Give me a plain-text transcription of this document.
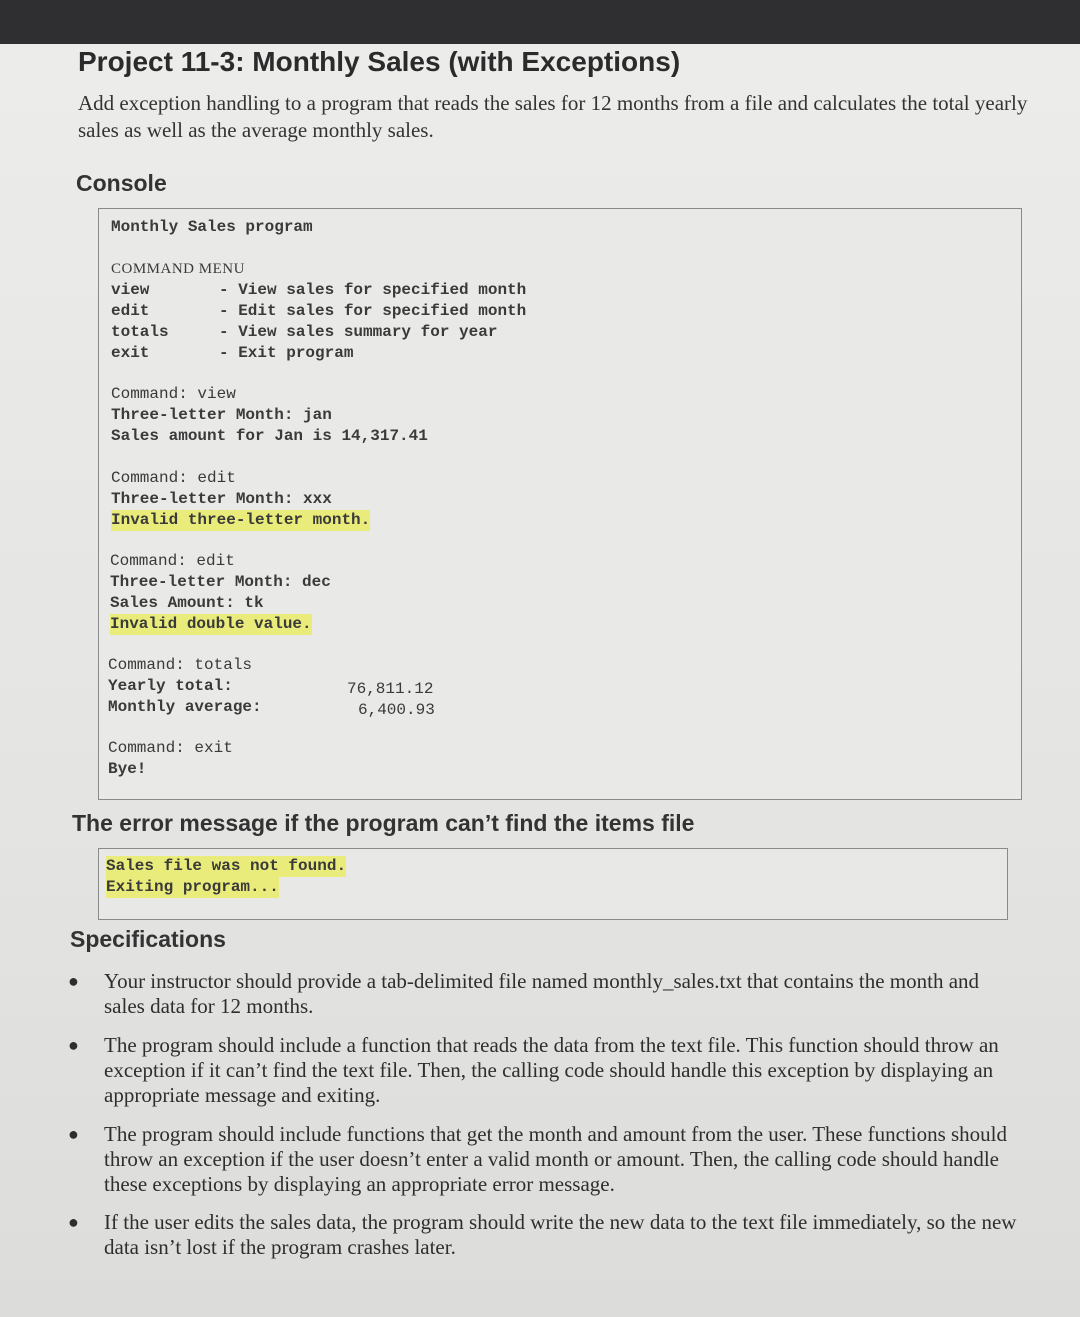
Project 11-3: Monthly Sales (with Exceptions)
Add exception handling to a program that reads the sales for 12 months from a file and calculates the total yearly sales as well as the average monthly sales.
Console
Monthly Sales program
COMMAND MENU
view	- View sales for specified month
edit	- Edit sales for specified month
totals	- View sales summary for year
exit	- Exit program
Command: view
Three-letter Month: jan
Sales amount for Jan is 14,317.41
Command: edit
Three-letter Month: xxx
Invalid three-letter month.
Command: edit
Three-letter Month: dec
Sales Amount: tk
Invalid double value.
Command: totals
Yearly total:	76,811.12
Monthly average:	6,400.93
Command: exit
Bye!
The error message if the program can’t find the items file
Sales file was not found.
Exiting program...
Specifications
● Your instructor should provide a tab-delimited file named monthly_sales.txt that contains the month and sales data for 12 months.
● The program should include a function that reads the data from the text file. This function should throw an exception if it can’t find the text file. Then, the calling code should handle this exception by displaying an appropriate message and exiting.
● The program should include functions that get the month and amount from the user. These functions should throw an exception if the user doesn’t enter a valid month or amount. Then, the calling code should handle these exceptions by displaying an appropriate error message.
● If the user edits the sales data, the program should write the new data to the text file immediately, so the new data isn’t lost if the program crashes later.
